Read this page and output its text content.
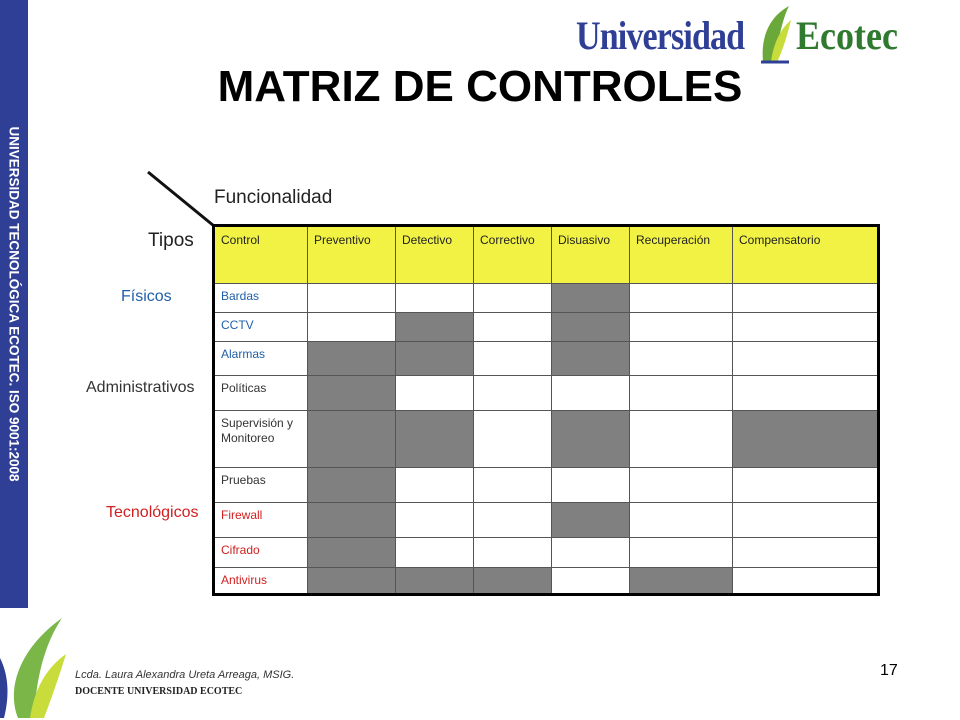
UNIVERSIDAD TECNOLÓGICA ECOTEC. ISO 9001:2008
Universidad Ecotec
MATRIZ DE CONTROLES
Funcionalidad
Tipos
Físicos
Administrativos
Tecnológicos
Control	Preventivo	Detectivo	Correctivo	Disuasivo	Recuperación	Compensatorio
Bardas						
CCTV						
Alarmas						
Políticas						
Supervisión y Monitoreo						
Pruebas						
Firewall						
Cifrado						
Antivirus						
Lcda. Laura Alexandra Ureta Arreaga, MSIG.
DOCENTE UNIVERSIDAD ECOTEC
17
